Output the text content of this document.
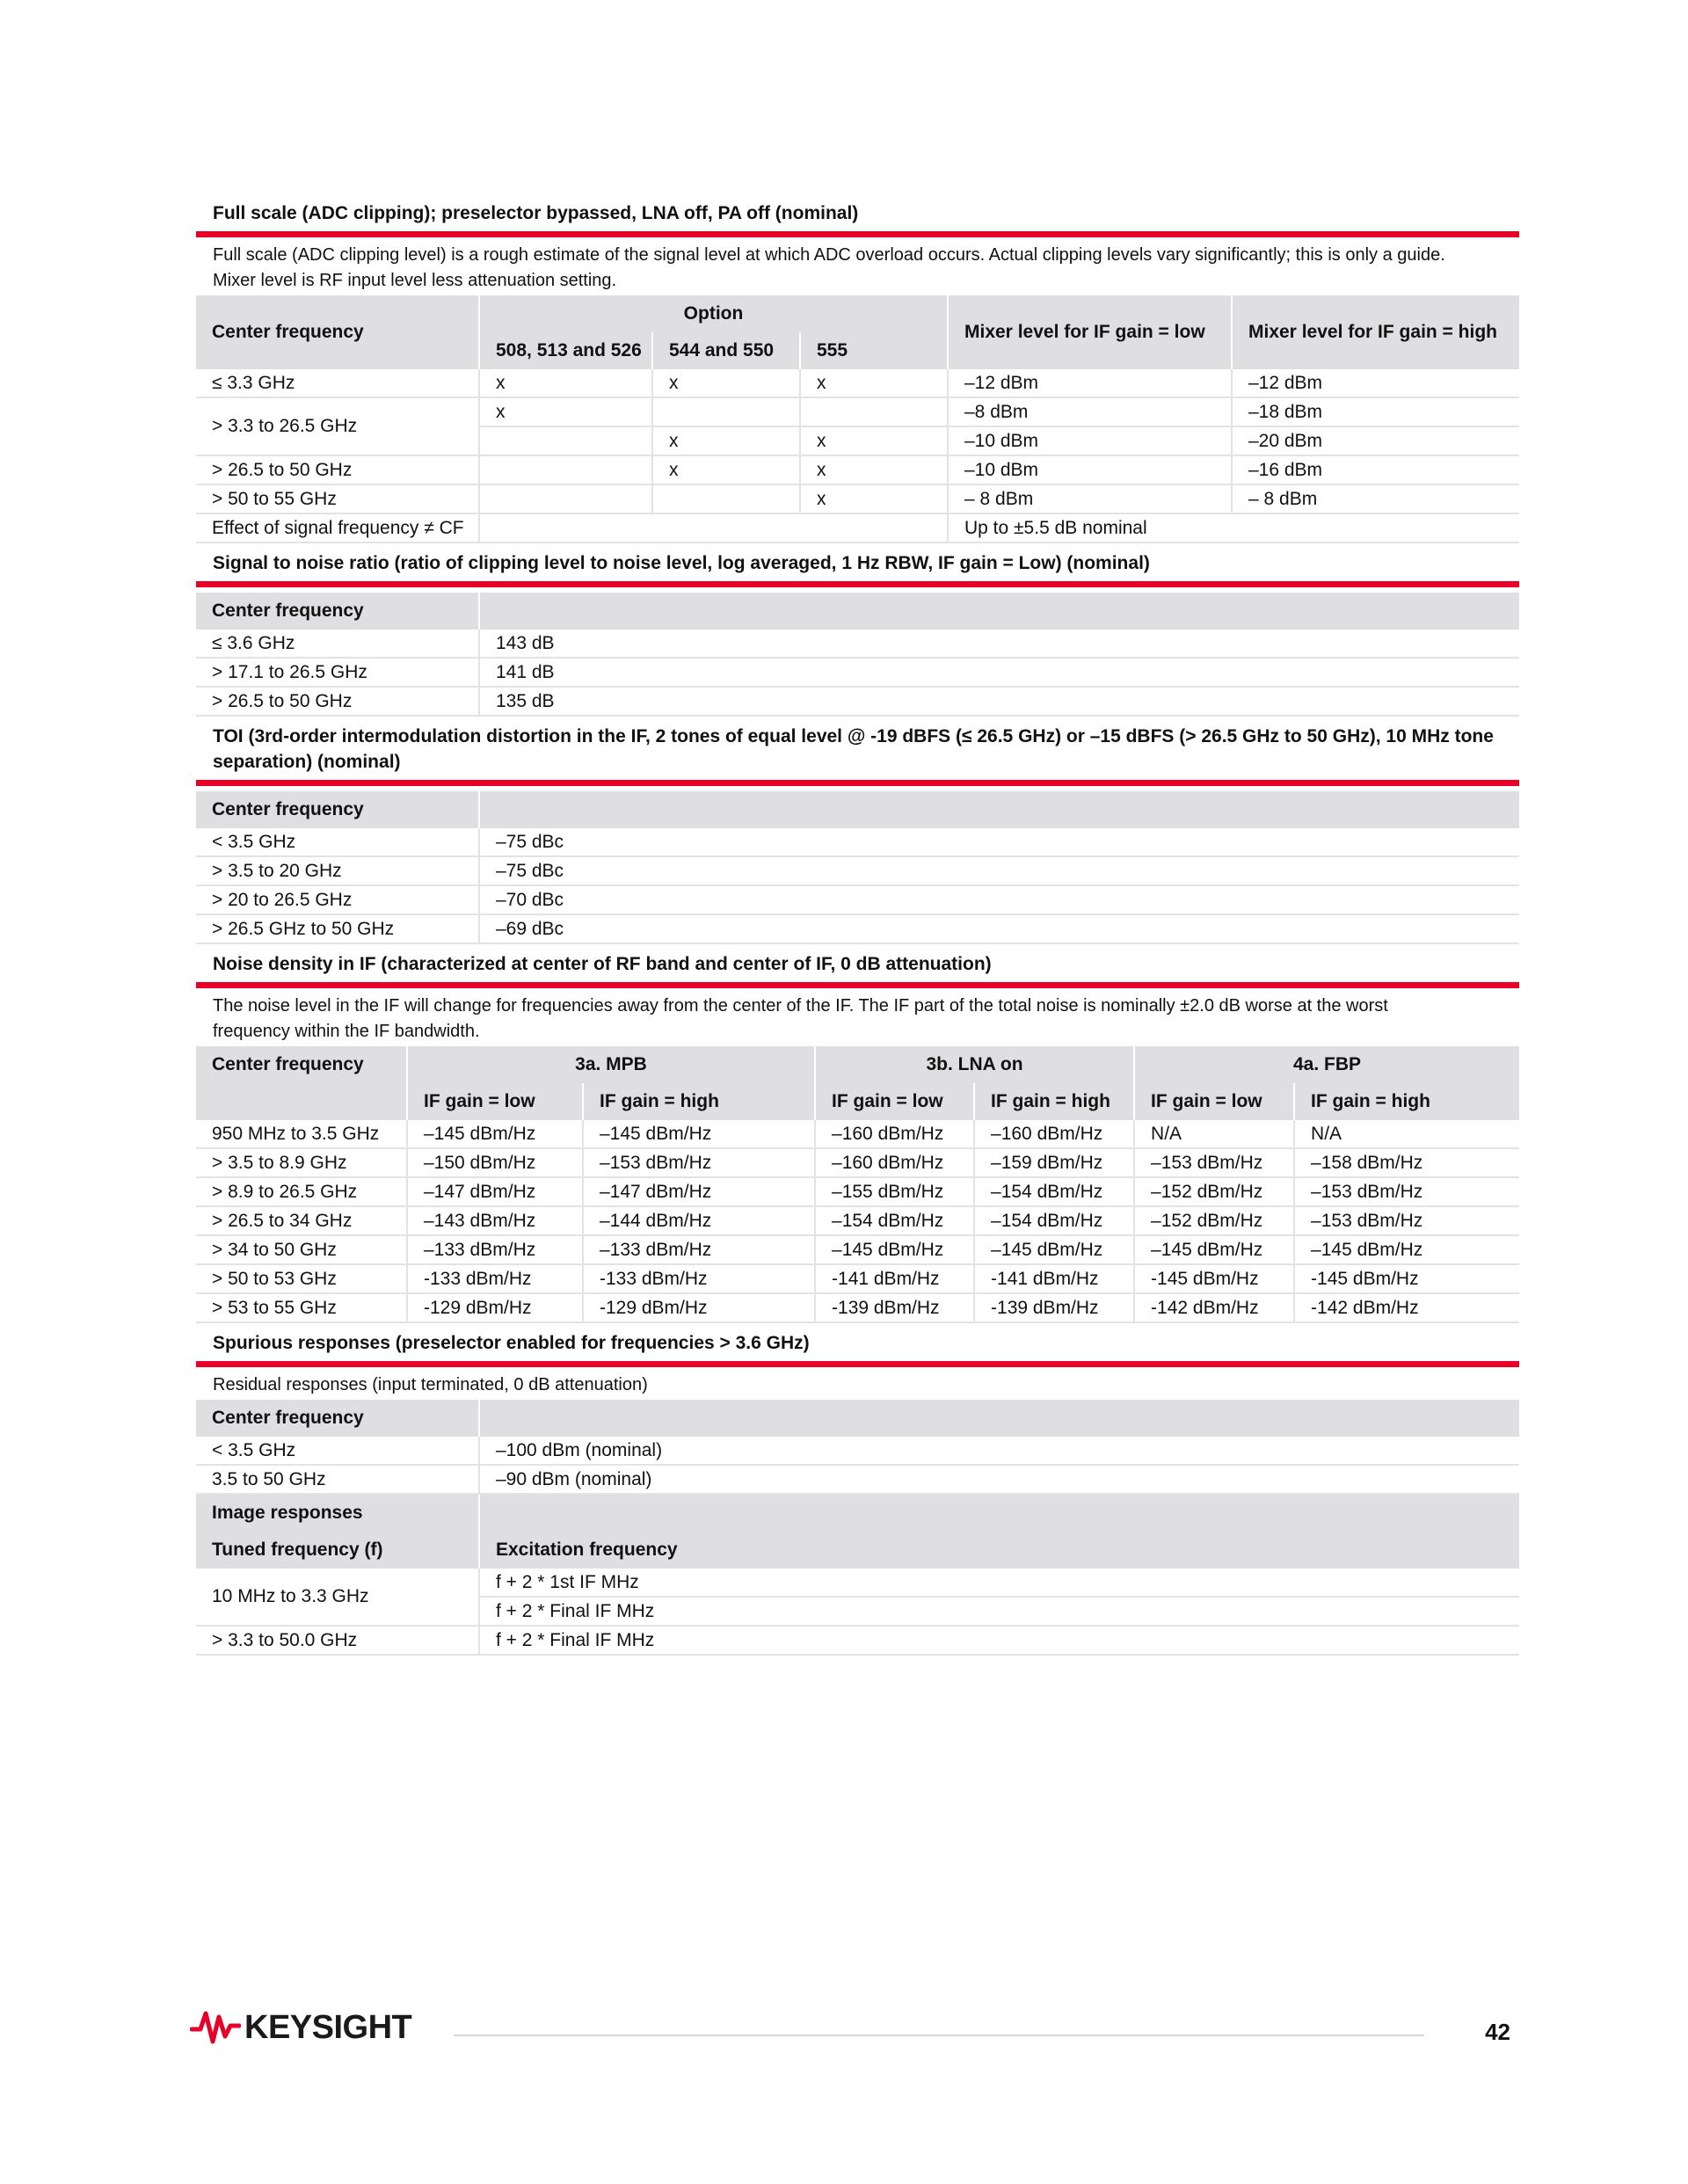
Full scale (ADC clipping); preselector bypassed, LNA off, PA off (nominal)
Full scale (ADC clipping level) is a rough estimate of the signal level at which ADC overload occurs. Actual clipping levels vary significantly; this is only a guide. Mixer level is RF input level less attenuation setting.
Center frequency	Option			Mixer level for IF gain = low	Mixer level for IF gain = high
	508, 513 and 526	544 and 550	555		
≤ 3.3 GHz	x	x	x	–12 dBm	–12 dBm
> 3.3 to 26.5 GHz	x			–8 dBm	–18 dBm
		x	x	–10 dBm	–20 dBm
> 26.5 to 50 GHz		x	x	–10 dBm	–16 dBm
> 50 to 55 GHz			x	– 8 dBm	– 8 dBm
Effect of signal frequency ≠ CF				Up to ±5.5 dB nominal	
Signal to noise ratio (ratio of clipping level to noise level, log averaged, 1 Hz RBW, IF gain = Low) (nominal)
Center frequency	
≤ 3.6 GHz	143 dB
> 17.1 to 26.5 GHz	141 dB
> 26.5 to 50 GHz	135 dB
TOI (3rd-order intermodulation distortion in the IF, 2 tones of equal level @ -19 dBFS (≤ 26.5 GHz) or –15 dBFS (> 26.5 GHz to 50 GHz), 10 MHz tone separation) (nominal)
Center frequency	
< 3.5 GHz	–75 dBc
> 3.5 to 20 GHz	–75 dBc
> 20 to 26.5 GHz	–70 dBc
> 26.5 GHz to 50 GHz	–69 dBc
Noise density in IF (characterized at center of RF band and center of IF, 0 dB attenuation)
The noise level in the IF will change for frequencies away from the center of the IF. The IF part of the total noise is nominally ±2.0 dB worse at the worst frequency within the IF bandwidth.
Center frequency	3a. MPB		3b. LNA on		4a. FBP	
	IF gain = low	IF gain = high	IF gain = low	IF gain = high	IF gain = low	IF gain = high
950 MHz to 3.5 GHz	–145 dBm/Hz	–145 dBm/Hz	–160 dBm/Hz	–160 dBm/Hz	N/A	N/A
> 3.5 to 8.9 GHz	–150 dBm/Hz	–153 dBm/Hz	–160 dBm/Hz	–159 dBm/Hz	–153 dBm/Hz	–158 dBm/Hz
> 8.9 to 26.5 GHz	–147 dBm/Hz	–147 dBm/Hz	–155 dBm/Hz	–154 dBm/Hz	–152 dBm/Hz	–153 dBm/Hz
> 26.5 to 34 GHz	–143 dBm/Hz	–144 dBm/Hz	–154 dBm/Hz	–154 dBm/Hz	–152 dBm/Hz	–153 dBm/Hz
> 34 to 50 GHz	–133 dBm/Hz	–133 dBm/Hz	–145 dBm/Hz	–145 dBm/Hz	–145 dBm/Hz	–145 dBm/Hz
> 50 to 53 GHz	-133 dBm/Hz	-133 dBm/Hz	-141 dBm/Hz	-141 dBm/Hz	-145 dBm/Hz	-145 dBm/Hz
> 53 to 55 GHz	-129 dBm/Hz	-129 dBm/Hz	-139 dBm/Hz	-139 dBm/Hz	-142 dBm/Hz	-142 dBm/Hz
Spurious responses (preselector enabled for frequencies > 3.6 GHz)
Residual responses (input terminated, 0 dB attenuation)
Center frequency	
< 3.5 GHz	–100 dBm (nominal)
3.5 to 50 GHz	–90 dBm (nominal)
Image responses	
Tuned frequency (f)	Excitation frequency
10 MHz to 3.3 GHz	f + 2 * 1st IF MHz
	f + 2 * Final IF MHz
> 3.3 to 50.0 GHz	f + 2 * Final IF MHz
KEYSIGHT	42
